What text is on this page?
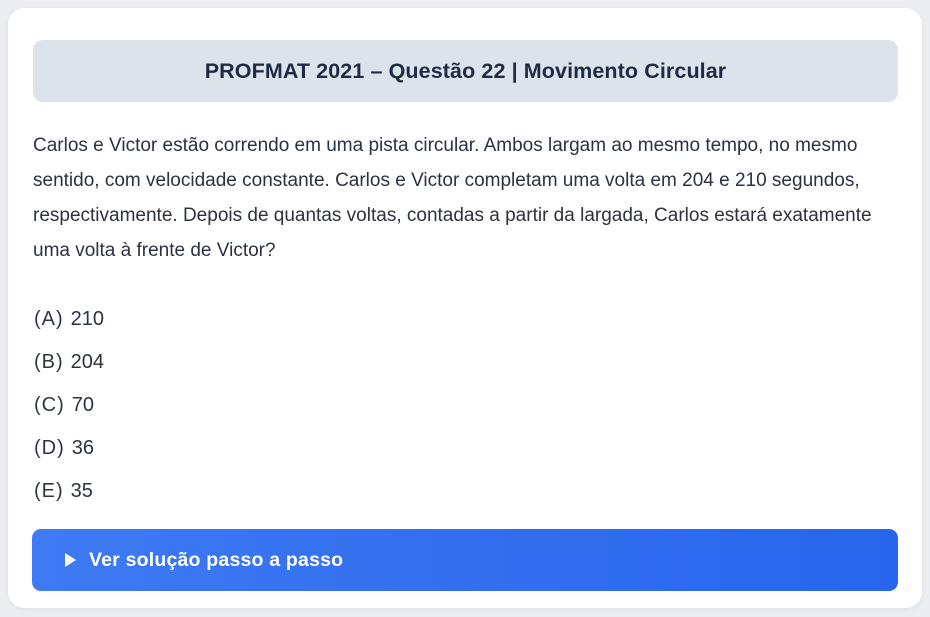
PROFMAT 2021 – Questão 22 | Movimento Circular

Carlos e Victor estão correndo em uma pista circular. Ambos largam ao mesmo tempo, no mesmo sentido, com velocidade constante. Carlos e Victor completam uma volta em 204 e 210 segundos, respectivamente. Depois de quantas voltas, contadas a partir da largada, Carlos estará exatamente uma volta à frente de Victor?

(A) 210
(B) 204
(C) 70
(D) 36
(E) 35
Ver solução passo a passo
